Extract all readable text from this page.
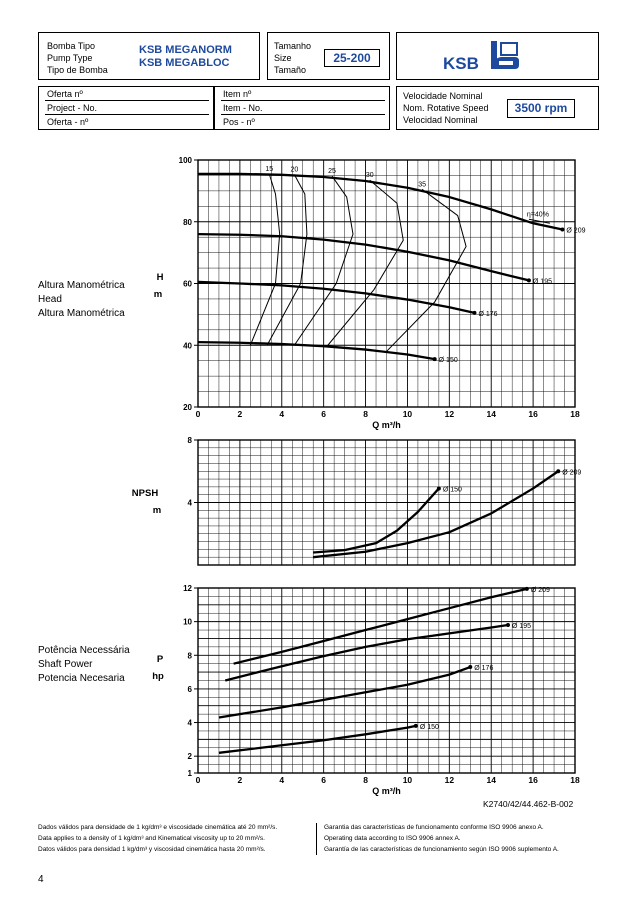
Bomba Tipo
Pump Type
Tipo de Bomba
KSB MEGANORM
KSB MEGABLOC
Tamanho
Size
Tamaño
25-200	KSB
Oferta nº
Project - No.
Oferta - nº
Item nº
Item - No.
Pos - nº
Velocidade Nominal
Nom. Rotative Speed
Velocidad Nominal
3500 rpm
Altura Manométrica
Head
Altura Manométrica
Potência Necessária
Shaft Power
Potencia Necesaria
20
40
60
80
100
0	2	4	6	8	10	12	14	16	18
Q m³/h
H
m
15 20	25
30
35
η=40%
Ø 209
Ø 195
Ø 176
Ø 150
4
8
NPSH
m
Ø 150
Ø 209
1
2
4
6
8
10
12
0	2	4	6	8	10	12	14	16	18
Q m³/h
P
hp
Ø 209
Ø 195
Ø 176
Ø 150
K2740/42/44.462-B-002
Dados válidos para densidade de 1 kg/dm³ e viscosidade cinemática até 20 mm²/s.
Data applies to a density of 1 kg/dm³ and Kinematical viscosity up to 20 mm²/s.
Datos válidos para densidad 1 kg/dm³ y viscosidad cinemática hasta 20 mm²/s.
Garantia das características de funcionamento conforme ISO 9906 anexo A.
Operating data according to ISO 9906 annex A.
Garantía de las características de funcionamiento según ISO 9906 suplemento A.
4
